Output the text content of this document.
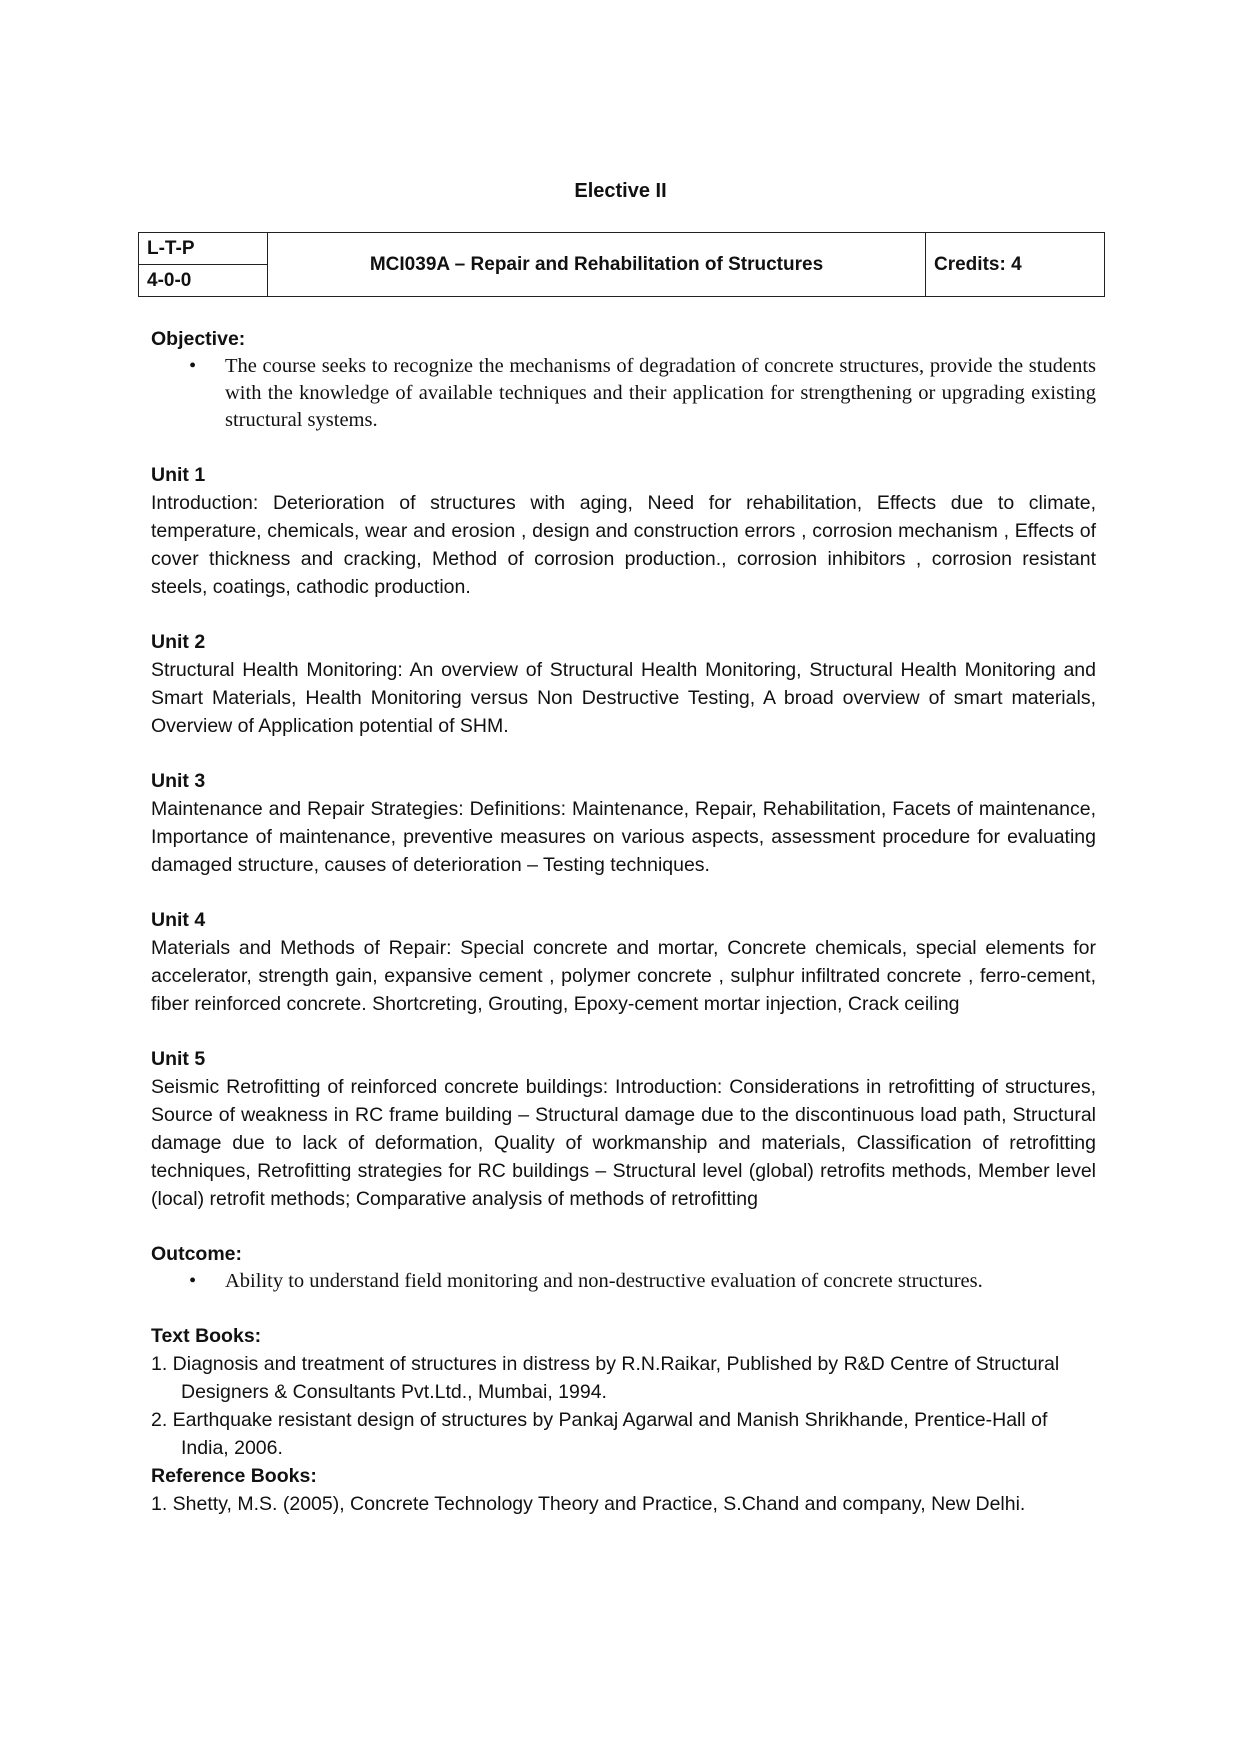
Elective II
L-T-P	MCI039A – Repair and Rehabilitation of Structures	Credits: 4
4-0-0
Objective:
•	The course seeks to recognize the mechanisms of degradation of concrete structures, provide the students with the knowledge of available techniques and their application for strengthening or upgrading existing structural systems.
Unit 1
Introduction: Deterioration of structures with aging, Need for rehabilitation, Effects due to climate, temperature, chemicals, wear and erosion , design and construction errors , corrosion mechanism , Effects of cover thickness and cracking, Method of corrosion production., corrosion inhibitors , corrosion resistant steels, coatings, cathodic production.
Unit 2
Structural Health Monitoring: An overview of Structural Health Monitoring, Structural Health Monitoring and Smart Materials, Health Monitoring versus Non Destructive Testing, A broad overview of smart materials, Overview of Application potential of SHM.
Unit 3
Maintenance and Repair Strategies: Definitions: Maintenance, Repair, Rehabilitation, Facets of maintenance, Importance of maintenance, preventive measures on various aspects, assessment procedure for evaluating damaged structure, causes of deterioration – Testing techniques.
Unit 4
Materials and Methods of Repair: Special concrete and mortar, Concrete chemicals, special elements for accelerator, strength gain, expansive cement , polymer concrete , sulphur infiltrated concrete , ferro-cement, fiber reinforced concrete. Shortcreting, Grouting, Epoxy-cement mortar injection, Crack ceiling
Unit 5
Seismic Retrofitting of reinforced concrete buildings: Introduction: Considerations in retrofitting of structures, Source of weakness in RC frame building – Structural damage due to the discontinuous load path, Structural damage due to lack of deformation, Quality of workmanship and materials, Classification of retrofitting techniques, Retrofitting strategies for RC buildings – Structural level (global) retrofits methods, Member level (local) retrofit methods; Comparative analysis of methods of retrofitting
Outcome:
•	Ability to understand field monitoring and non-destructive evaluation of concrete structures.
Text Books:
1. Diagnosis and treatment of structures in distress by R.N.Raikar, Published by R&D Centre of Structural Designers & Consultants Pvt.Ltd., Mumbai, 1994.
2. Earthquake resistant design of structures by Pankaj Agarwal and Manish Shrikhande, Prentice-Hall of India, 2006.
Reference Books:
1. Shetty, M.S. (2005), Concrete Technology Theory and Practice, S.Chand and company, New Delhi.
